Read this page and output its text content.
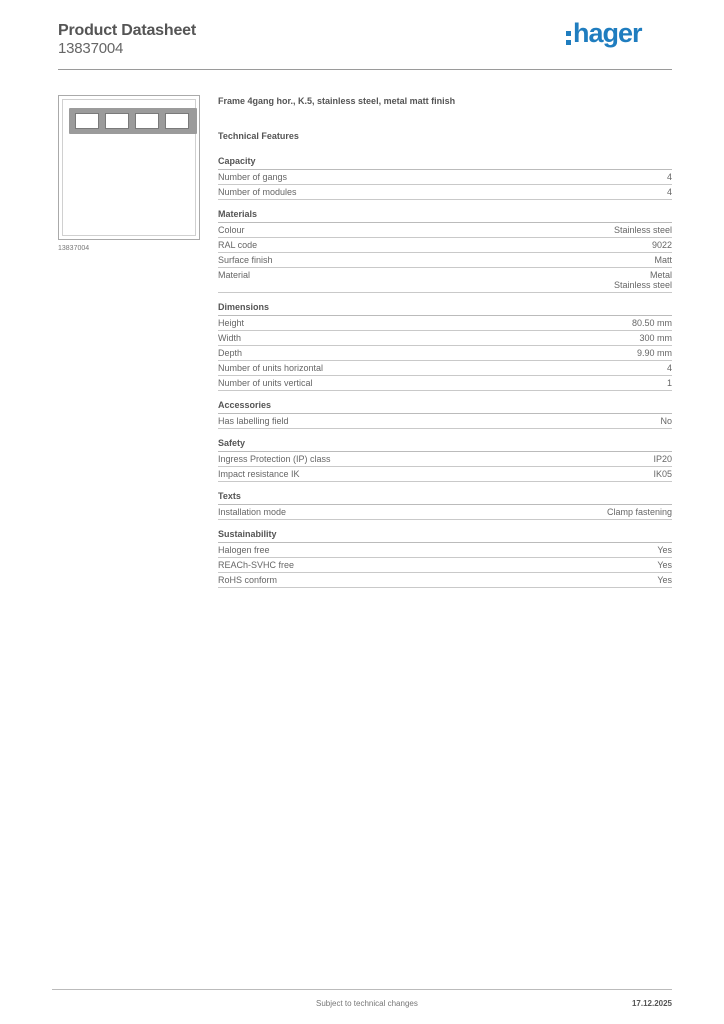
Product Datasheet
13837004
hager
13837004
Frame 4gang hor., K.5, stainless steel, metal matt finish
Technical Features
Capacity
Number of gangs	4
Number of modules	4
Materials
Colour	Stainless steel
RAL code	9022
Surface finish	Matt
Material	Metal
Stainless steel
Dimensions
Height	80.50 mm
Width	300 mm
Depth	9.90 mm
Number of units horizontal	4
Number of units vertical	1
Accessories
Has labelling field	No
Safety
Ingress Protection (IP) class	IP20
Impact resistance IK	IK05
Texts
Installation mode	Clamp fastening
Sustainability
Halogen free	Yes
REACh-SVHC free	Yes
RoHS conform	Yes
Subject to technical changes	17.12.2025
